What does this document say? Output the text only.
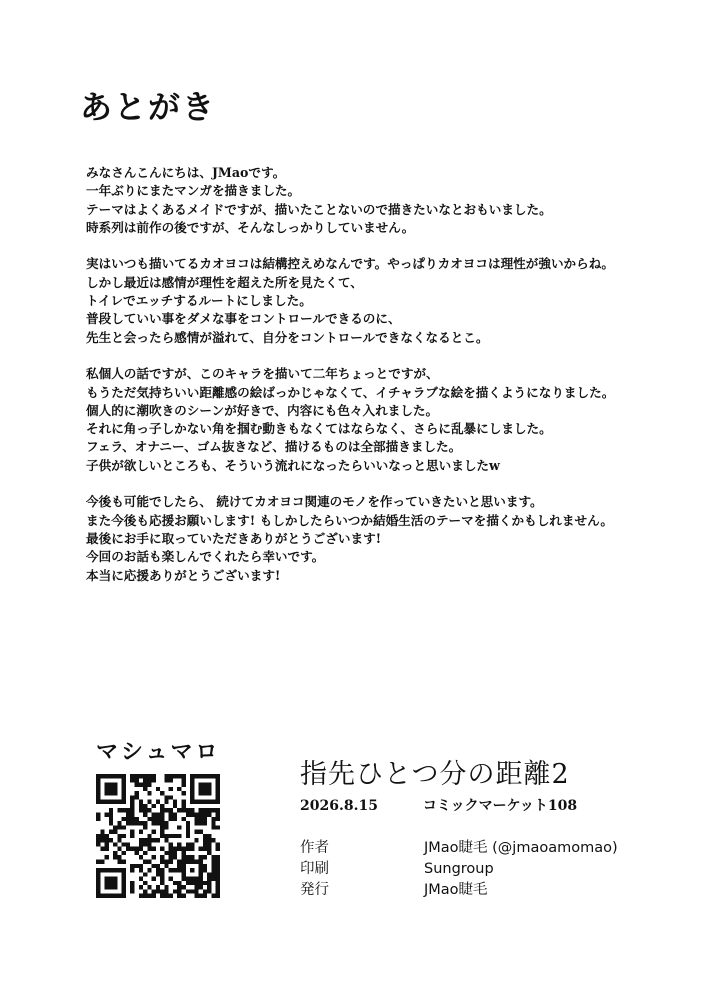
あとがき
みなさんこんにちは、JMaoです。
一年ぶりにまたマンガを描きました。
テーマはよくあるメイドですが、描いたことないので描きたいなとおもいました。
時系列は前作の後ですが、そんなしっかりしていません。
実はいつも描いてるカオヨコは結構控えめなんです。やっぱりカオヨコは理性が強いからね。
しかし最近は感情が理性を超えた所を見たくて、
トイレでエッチするルートにしました。
普段していい事をダメな事をコントロールできるのに、
先生と会ったら感情が溢れて、自分をコントロールできなくなるとこ。
私個人の話ですが、このキャラを描いて二年ちょっとですが、
もうただ気持ちいい距離感の絵ばっかじゃなくて、イチャラブな絵を描くようになりました。
個人的に潮吹きのシーンが好きで、内容にも色々入れました。
それに角っ子しかない角を掴む動きもなくてはならなく、さらに乱暴にしました。
フェラ、オナニー、ゴム抜きなど、描けるものは全部描きました。
子供が欲しいところも、そういう流れになったらいいなっと思いましたw
今後も可能でしたら、 続けてカオヨコ関連のモノを作っていきたいと思います。
また今後も応援お願いします! もしかしたらいつか結婚生活のテーマを描くかもしれません。
最後にお手に取っていただきありがとうございます!
今回のお話も楽しんでくれたら幸いです。
本当に応援ありがとうございます!
マシュマロ
指先ひとつ分の距離2
2026.8.15	コミックマーケット108
作者	JMao睫毛 (@jmaoamomao)
印刷	Sungroup
発行	JMao睫毛
